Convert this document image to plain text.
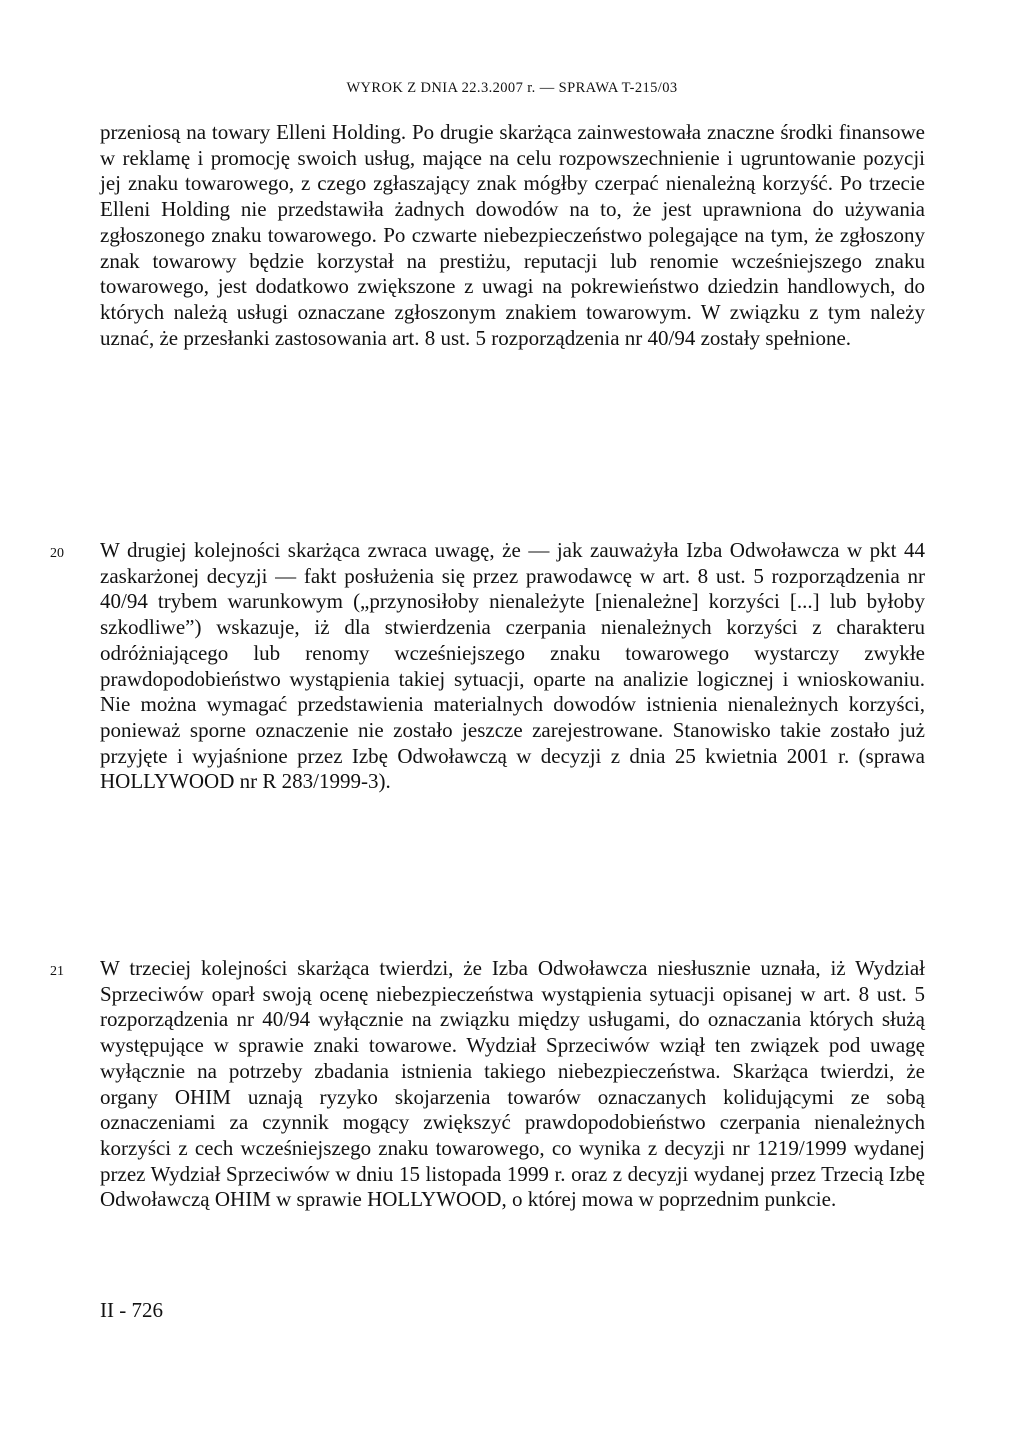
WYROK Z DNIA 22.3.2007 r. — SPRAWA T-215/03

przeniosą na towary Elleni Holding. Po drugie skarżąca zainwestowała znaczne środki finansowe w reklamę i promocję swoich usług, mające na celu rozpowszechnienie i ugruntowanie pozycji jej znaku towarowego, z czego zgłaszający znak mógłby czerpać nienależną korzyść. Po trzecie Elleni Holding nie przedstawiła żadnych dowodów na to, że jest uprawniona do używania zgłoszonego znaku towarowego. Po czwarte niebezpieczeństwo polegające na tym, że zgłoszony znak towarowy będzie korzystał na prestiżu, reputacji lub renomie wcześniejszego znaku towarowego, jest dodatkowo zwiększone z uwagi na pokrewieństwo dziedzin handlowych, do których należą usługi oznaczane zgłoszonym znakiem towarowym. W związku z tym należy uznać, że przesłanki zastosowania art. 8 ust. 5 rozporządzenia nr 40/94 zostały spełnione.

20 W drugiej kolejności skarżąca zwraca uwagę, że — jak zauważyła Izba Odwoławcza w pkt 44 zaskarżonej decyzji — fakt posłużenia się przez prawodawcę w art. 8 ust. 5 rozporządzenia nr 40/94 trybem warunkowym („przynosiłoby nienależyte [nienależne] korzyści [...] lub byłoby szkodliwe”) wskazuje, iż dla stwierdzenia czerpania nienależnych korzyści z charakteru odróżniającego lub renomy wcześniejszego znaku towarowego wystarczy zwykłe prawdopodobieństwo wystąpienia takiej sytuacji, oparte na analizie logicznej i wnioskowaniu. Nie można wymagać przedstawienia materialnych dowodów istnienia nienależnych korzyści, ponieważ sporne oznaczenie nie zostało jeszcze zarejestrowane. Stanowisko takie zostało już przyjęte i wyjaśnione przez Izbę Odwoławczą w decyzji z dnia 25 kwietnia 2001 r. (sprawa HOLLYWOOD nr R 283/1999-3).

21 W trzeciej kolejności skarżąca twierdzi, że Izba Odwoławcza niesłusznie uznała, iż Wydział Sprzeciwów oparł swoją ocenę niebezpieczeństwa wystąpienia sytuacji opisanej w art. 8 ust. 5 rozporządzenia nr 40/94 wyłącznie na związku między usługami, do oznaczania których służą występujące w sprawie znaki towarowe. Wydział Sprzeciwów wziął ten związek pod uwagę wyłącznie na potrzeby zbadania istnienia takiego niebezpieczeństwa. Skarżąca twierdzi, że organy OHIM uznają ryzyko skojarzenia towarów oznaczanych kolidującymi ze sobą oznaczeniami za czynnik mogący zwiększyć prawdopodobieństwo czerpania nienależnych korzyści z cech wcześniejszego znaku towarowego, co wynika z decyzji nr 1219/1999 wydanej przez Wydział Sprzeciwów w dniu 15 listopada 1999 r. oraz z decyzji wydanej przez Trzecią Izbę Odwoławczą OHIM w sprawie HOLLYWOOD, o której mowa w poprzednim punkcie.

II - 726
